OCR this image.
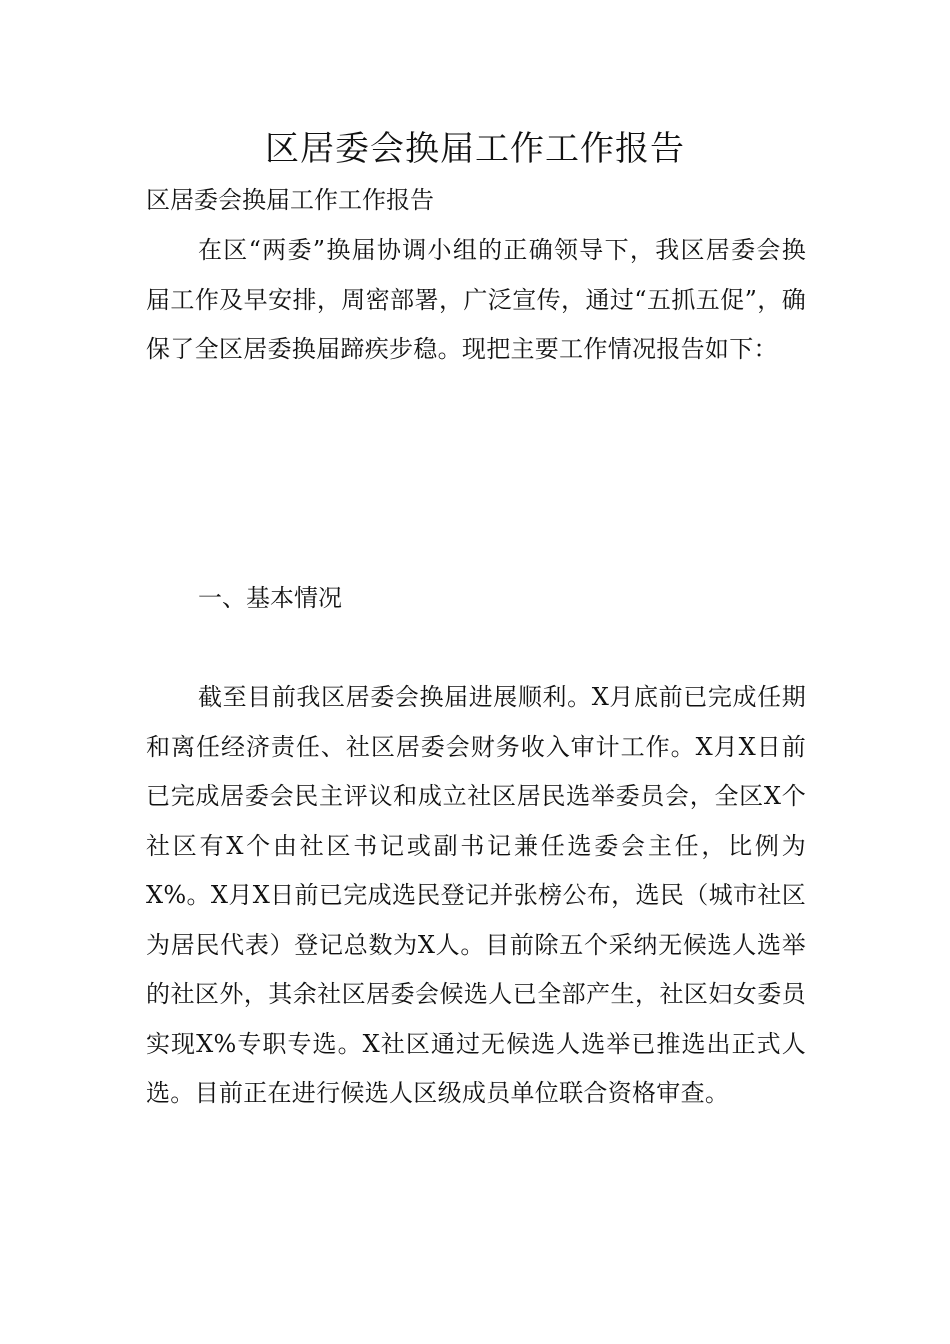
区居委会换届工作工作报告

区居委会换届工作工作报告

在区“两委”换届协调小组的正确领导下，我区居委会换届工作及早安排，周密部署，广泛宣传，通过“五抓五促”，确保了全区居委换届蹄疾步稳。现把主要工作情况报告如下：

一、基本情况

截至目前我区居委会换届进展顺利。X月底前已完成任期和离任经济责任、社区居委会财务收入审计工作。X月X日前已完成居委会民主评议和成立社区居民选举委员会，全区X个社区有X个由社区书记或副书记兼任选委会主任，比例为X%。X月X日前已完成选民登记并张榜公布，选民（城市社区为居民代表）登记总数为X人。目前除五个采纳无候选人选举的社区外，其余社区居委会候选人已全部产生，社区妇女委员实现X%专职专选。X社区通过无候选人选举已推选出正式人选。目前正在进行候选人区级成员单位联合资格审查。
